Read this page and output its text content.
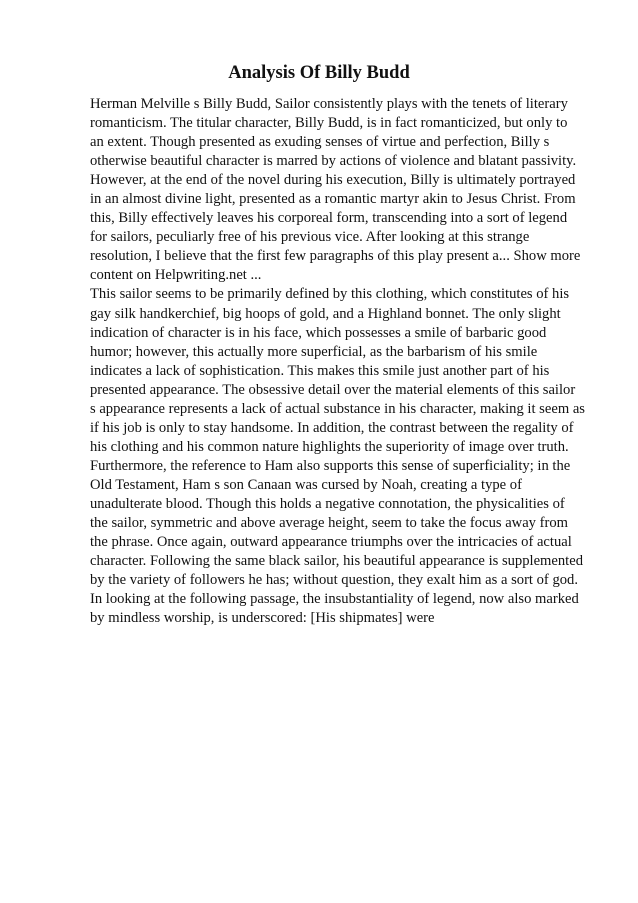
Analysis Of Billy Budd
Herman Melville s Billy Budd, Sailor consistently plays with the tenets of literary
romanticism. The titular character, Billy Budd, is in fact romanticized, but only to
an extent. Though presented as exuding senses of virtue and perfection, Billy s
otherwise beautiful character is marred by actions of violence and blatant passivity.
However, at the end of the novel during his execution, Billy is ultimately portrayed
in an almost divine light, presented as a romantic martyr akin to Jesus Christ. From
this, Billy effectively leaves his corporeal form, transcending into a sort of legend
for sailors, peculiarly free of his previous vice. After looking at this strange
resolution, I believe that the first few paragraphs of this play present a... Show more
content on Helpwriting.net ...
This sailor seems to be primarily defined by this clothing, which constitutes of his
gay silk handkerchief, big hoops of gold, and a Highland bonnet. The only slight
indication of character is in his face, which possesses a smile of barbaric good
humor; however, this actually more superficial, as the barbarism of his smile
indicates a lack of sophistication. This makes this smile just another part of his
presented appearance. The obsessive detail over the material elements of this sailor
s appearance represents a lack of actual substance in his character, making it seem as
if his job is only to stay handsome. In addition, the contrast between the regality of
his clothing and his common nature highlights the superiority of image over truth.
Furthermore, the reference to Ham also supports this sense of superficiality; in the
Old Testament, Ham s son Canaan was cursed by Noah, creating a type of
unadulterate blood. Though this holds a negative connotation, the physicalities of
the sailor, symmetric and above average height, seem to take the focus away from
the phrase. Once again, outward appearance triumphs over the intricacies of actual
character. Following the same black sailor, his beautiful appearance is supplemented
by the variety of followers he has; without question, they exalt him as a sort of god.
In looking at the following passage, the insubstantiality of legend, now also marked
by mindless worship, is underscored: [His shipmates] were
